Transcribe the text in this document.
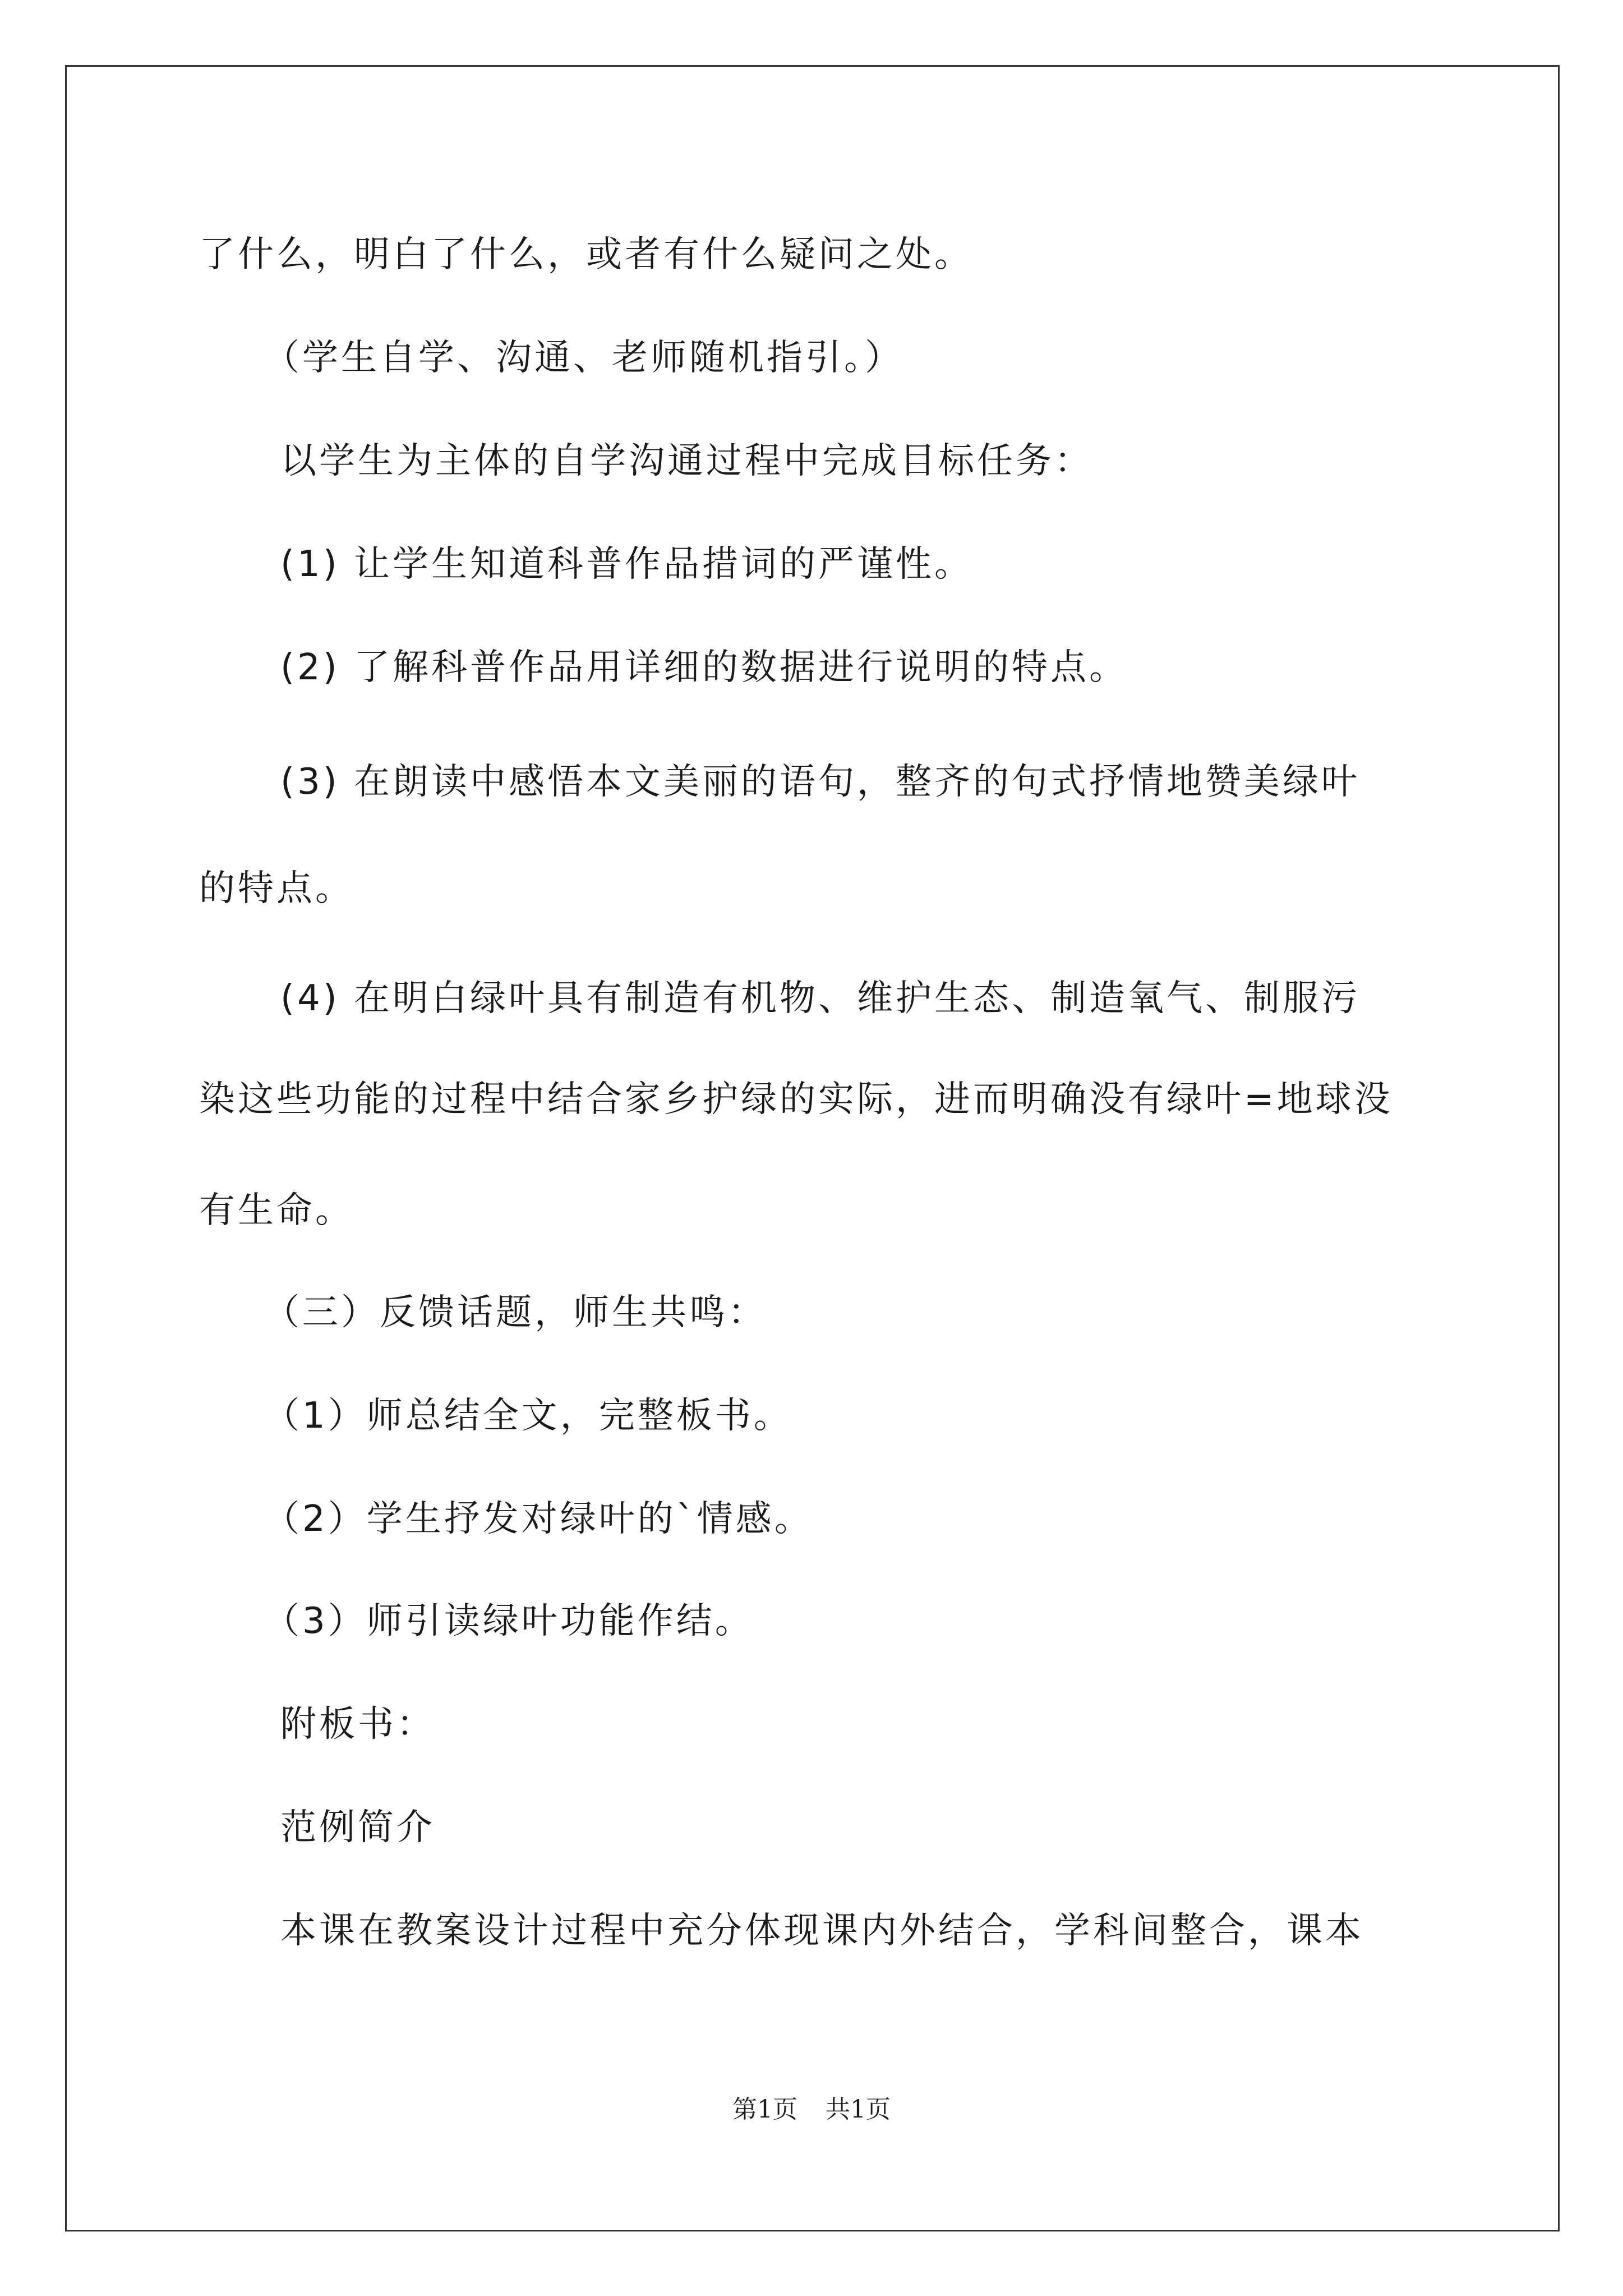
了什么，明白了什么，或者有什么疑问之处。
（学生自学、沟通、老师随机指引。）
以学生为主体的自学沟通过程中完成目标任务：
(1) 让学生知道科普作品措词的严谨性。
(2) 了解科普作品用详细的数据进行说明的特点。
(3) 在朗读中感悟本文美丽的语句，整齐的句式抒情地赞美绿叶
的特点。
(4) 在明白绿叶具有制造有机物、维护生态、制造氧气、制服污
染这些功能的过程中结合家乡护绿的实际，进而明确没有绿叶=地球没
有生命。
（三）反馈话题，师生共鸣：
（1）师总结全文，完整板书。
（2）学生抒发对绿叶的`情感。
（3）师引读绿叶功能作结。
附板书：
范例简介
本课在教案设计过程中充分体现课内外结合，学科间整合，课本
第1页 共1页
